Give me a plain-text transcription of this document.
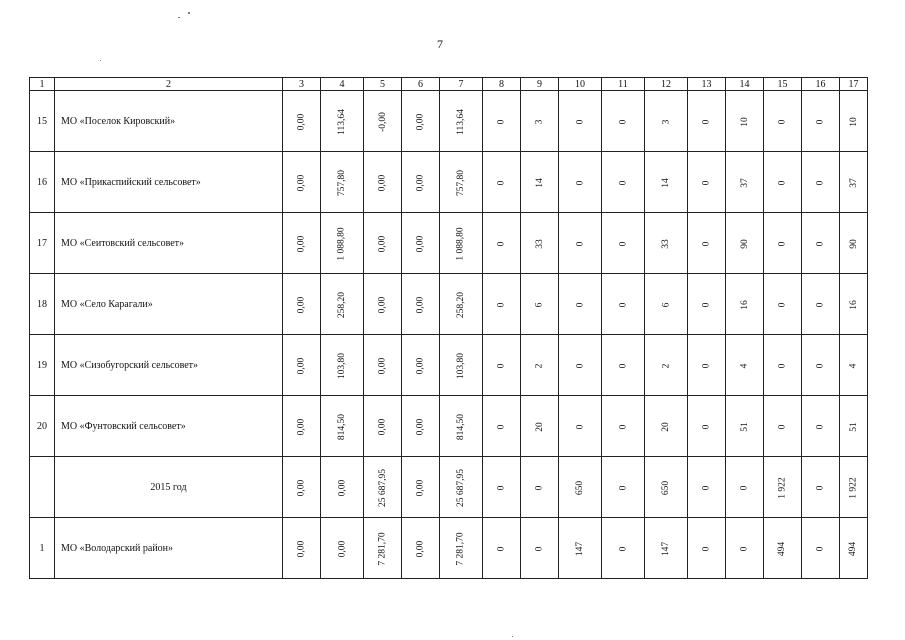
7
1	2	3	4	5	6	7	8	9	10	11	12	13	14	15	16	17
15	МО «Поселок Кировский»	0,00	113,64	-0,00	0,00	113,64	0	3	0	0	3	0	10	0	0	10
16	МО «Прикаспийский сельсовет»	0,00	757,80	0,00	0,00	757,80	0	14	0	0	14	0	37	0	0	37
17	МО «Сеитовский сельсовет»	0,00	1 088,80	0,00	0,00	1 088,80	0	33	0	0	33	0	90	0	0	90
18	МО «Село Карагали»	0,00	258,20	0,00	0,00	258,20	0	6	0	0	6	0	16	0	0	16
19	МО «Сизобугорский сельсовет»	0,00	103,80	0,00	0,00	103,80	0	2	0	0	2	0	4	0	0	4
20	МО «Фунтовский сельсовет»	0,00	814,50	0,00	0,00	814,50	0	20	0	0	20	0	51	0	0	51
	2015 год	0,00	0,00	25 687,95	0,00	25 687,95	0	0	650	0	650	0	0	1 922	0	1 922
1	МО «Володарский район»	0,00	0,00	7 281,70	0,00	7 281,70	0	0	147	0	147	0	0	494	0	494
